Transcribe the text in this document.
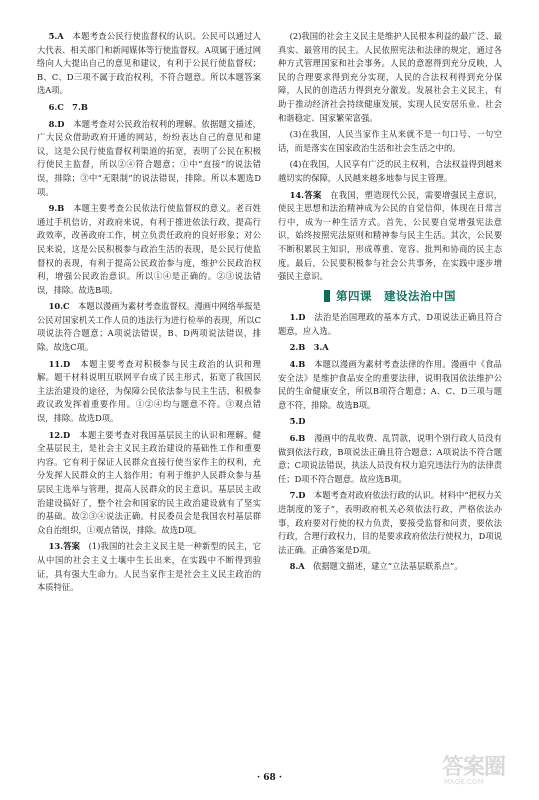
5.A　 本题考查公民行使监督权的认识。公民可以通过人大代表、相关部门和新闻媒体等行使监督权。A项属于通过网络向人大提出自己的意见和建议，有利于公民行使监督权；B、C、D三项不属于政治权利，不符合题意。所以本题答案选A项。

6.C　7.B　

8.D　 本题考查对公民政治权利的理解。依据题文描述，广大民众借助政府开通的网站，纷纷表达自己的意见和建议，这是公民行使监督权利渠道的拓宽，表明了公民在积极行使民主监督，所以②④符合题意；①中“直接”的说法错误，排除；③中“无限制”的说法错误，排除。所以本题选D项。

9.B　 本题主要考查公民依法行使监督权的意义。老百姓通过手机信访，对政府来说，有利于推进依法行政，提高行政效率，改善政府工作，树立负责任政府的良好形象；对公民来说，这是公民积极参与政治生活的表现，是公民行使监督权的表现，有利于提高公民政治参与度，维护公民政治权利，增强公民政治意识。所以①④是正确的。②③说法错误，排除。故选B项。

10.C　 本题以漫画为素材考查监督权。漫画中网络举报是公民对国家机关工作人员的违法行为进行检举的表现，所以C项说法符合题意；A项说法错误，B、D两项说法错误，排除。故选C项。

11.D　 本题主要考查对积极参与民主政治的认识和理解。题干材料说明互联网平台成了民主形式，拓宽了我国民主法治建设的途径，为保障公民依法参与民主生活，积极参政议政发挥着重要作用。①②④均与题意不符。③观点错误，排除。故选D项。

12.D　 本题主要考查对我国基层民主的认识和理解。健全基层民主，是社会主义民主政治建设的基础性工作和重要内容。它有利于保证人民群众直接行使当家作主的权利，充分发挥人民群众的主人翁作用；有利于维护人民群众参与基层民主选举与管理，提高人民群众的民主意识。基层民主政治建设搞好了，整个社会和国家的民主政治建设就有了坚实的基础。故②③④说法正确。村民委员会是我国农村基层群众自治组织，①观点错误，排除。故选D项。

13.答案　 (1)我国的社会主义民主是一种新型的民主，它从中国的社会主义土壤中生长出来，在实践中不断得到验证，具有强大生命力。人民当家作主是社会主义民主政治的本质特征。

(2)我国的社会主义民主是维护人民根本利益的最广泛、最真实、最管用的民主。人民依照宪法和法律的规定，通过各种方式管理国家和社会事务。人民的意愿得到充分反映，人民的合理要求得到充分实现，人民的合法权利得到充分保障，人民的创造活力得到充分激发。发展社会主义民主，有助于推动经济社会持续健康发展，实现人民安居乐业、社会和谐稳定、国家繁荣富强。

(3)在我国，人民当家作主从来就不是一句口号、一句空话，而是落实在国家政治生活和社会生活之中的。

(4)在我国，人民享有广泛的民主权利，合法权益得到越来越切实的保障，人民越来越多地参与民主管理。

14.答案　 在我国，塑造现代公民，需要增强民主意识，使民主思想和法治精神成为公民的自觉信仰，体现在日常言行中，成为一种生活方式。首先，公民要自觉增强宪法意识，始终按照宪法原则和精神参与民主生活。其次，公民要不断积累民主知识，形成尊重、宽容、批判和协商的民主态度。最后，公民要积极参与社会公共事务，在实践中逐步增强民主意识。

第四课　建设法治中国

1.D　 法治是治国理政的基本方式，D项说法正确且符合题意，应入选。

2.B　3.A　

4.B　 本题以漫画为素材考查法律的作用。漫画中《食品安全法》是维护食品安全的重要法律，说明我国依法维护公民的生命健康安全，所以B项符合题意；A、C、D三项与题意不符，排除。故选B项。

5.D　

6.B　 漫画中的乱收费、乱罚款，说明个别行政人员没有做到依法行政，B项说法正确且符合题意；A项说法不符合题意；C项说法错误，执法人员没有权力追究违法行为的法律责任；D项不符合题意。故应选B项。

7.D　 本题考查对政府依法行政的认识。材料中“把权力关进制度的笼子”，表明政府机关必须依法行政，严格依法办事，政府要对行使的权力负责，要接受监督和问责，要依法行政，合理行政权力，目的是要求政府依法行使权力，D项说法正确。正确答案是D项。

8.A　 依据题文描述，建立“立法基层联系点”。

· 68 ·	答案圈
MXQE.COM
